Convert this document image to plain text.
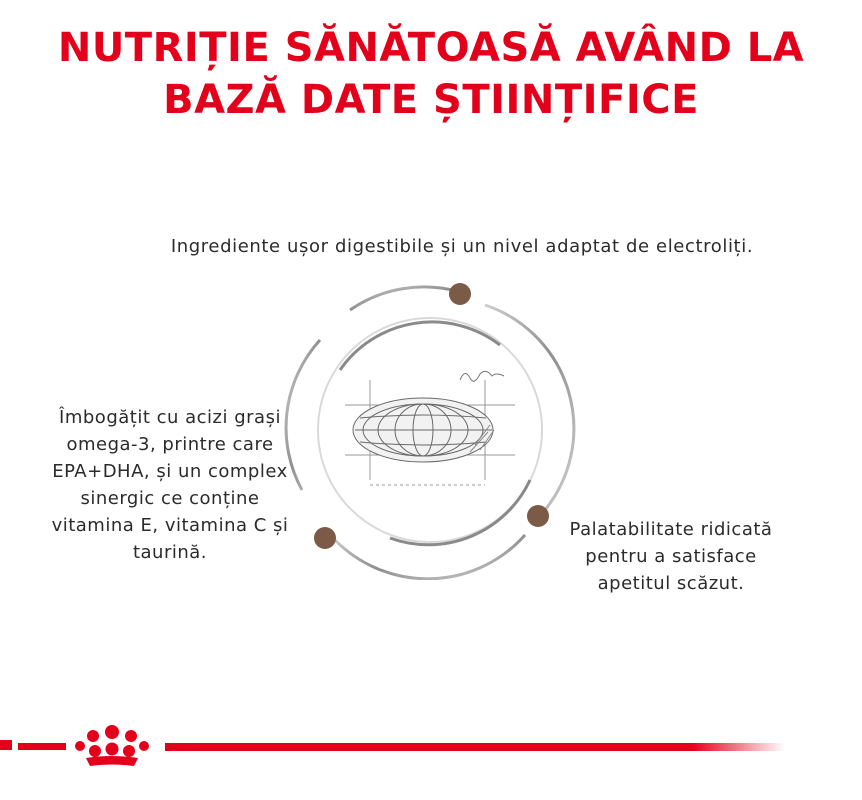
NUTRIȚIE SĂNĂTOASĂ AVÂND LA
BAZĂ DATE ȘTIINȚIFICE
Ingrediente ușor digestibile și un nivel adaptat de electroliți.
Îmbogățit cu acizi grași omega-3, printre care EPA+DHA, și un complex sinergic ce conține vitamina E, vitamina C și taurină.
Palatabilitate ridicată pentru a satisface apetitul scăzut.
